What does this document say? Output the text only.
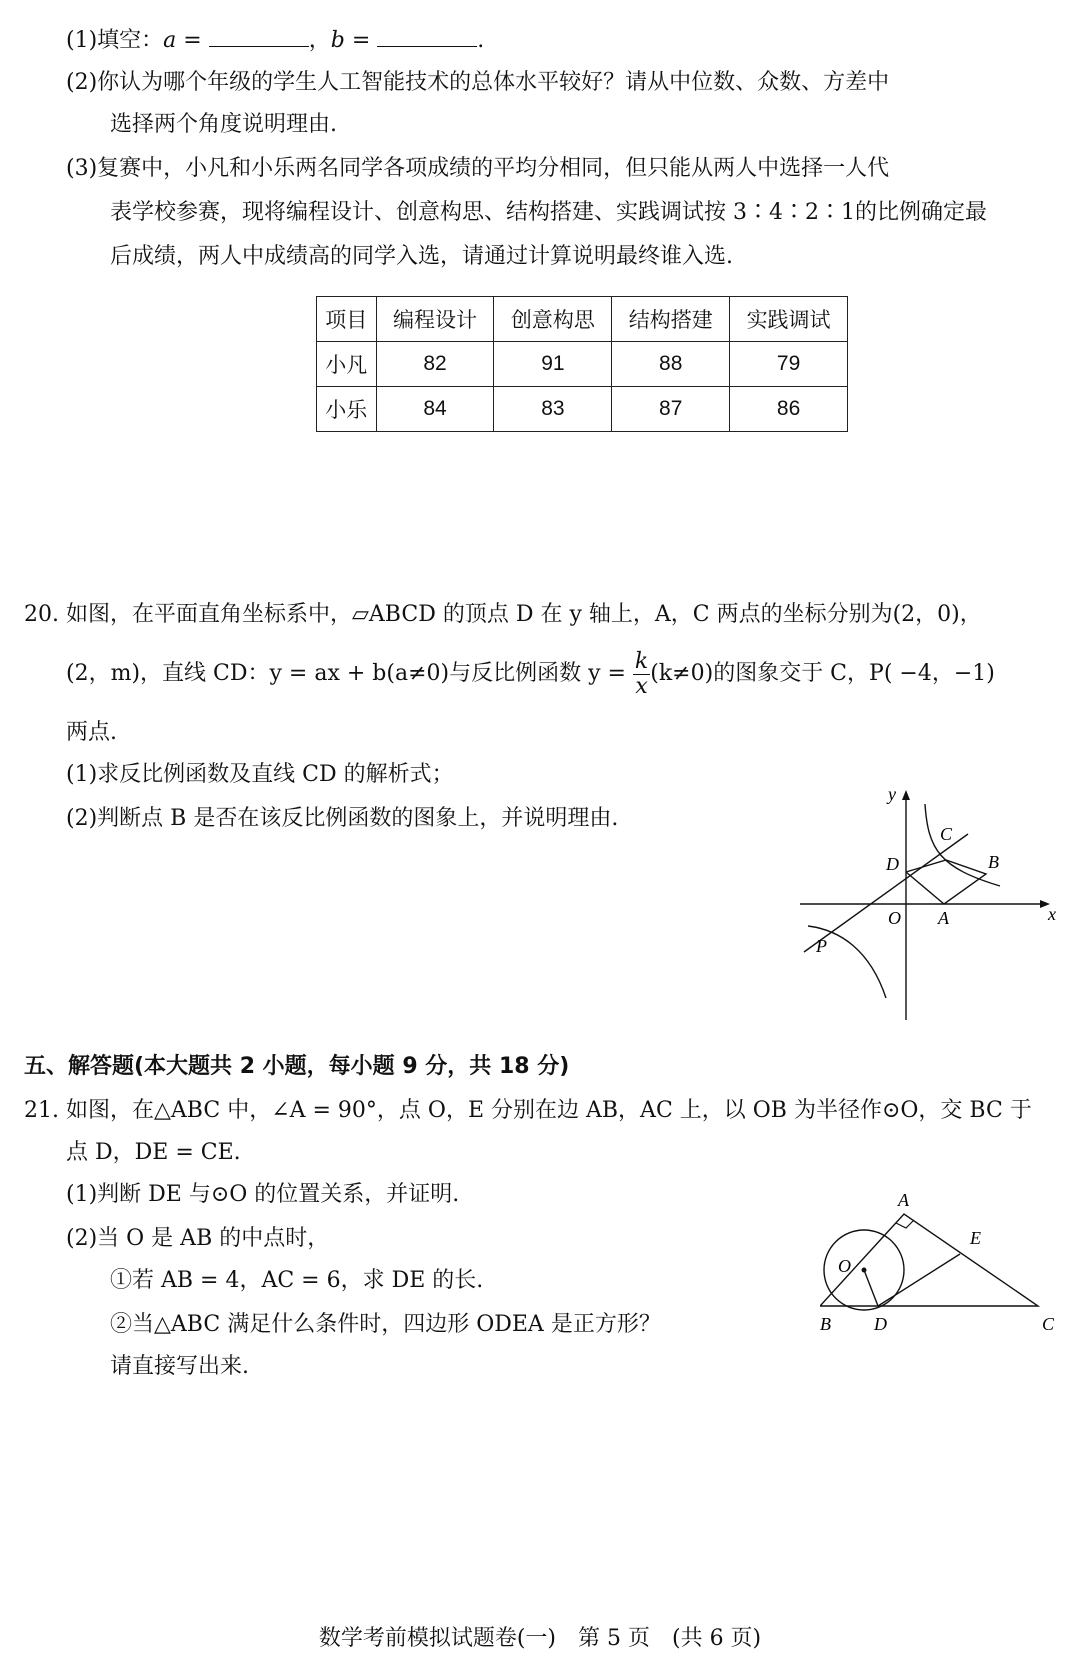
(1)填空：a =	，b =	.
(2)你认为哪个年级的学生人工智能技术的总体水平较好？请从中位数、众数、方差中
选择两个角度说明理由.
(3)复赛中，小凡和小乐两名同学各项成绩的平均分相同，但只能从两人中选择一人代
表学校参赛，现将编程设计、创意构思、结构搭建、实践调试按 3∶4∶2∶1的比例确定最
后成绩，两人中成绩高的同学入选，请通过计算说明最终谁入选.
项目	编程设计	创意构思	结构搭建	实践调试
小凡	82	91	88	79
小乐	84	83	87	86
20. 如图，在平面直角坐标系中，▱ABCD 的顶点 D 在 y 轴上，A，C 两点的坐标分别为(2，0)，
(2，m)，直线 CD：y = ax + b(a≠0)与反比例函数 $y = \frac{k}{x} (k\ne 0)$的图象交于 C，P( −4，−1)
两点.
(1)求反比例函数及直线 CD 的解析式；
(2)判断点 B 是否在该反比例函数的图象上，并说明理由.
y
x
C
D	B
O A
P
五、解答题(本大题共 2 小题，每小题 9 分，共 18 分)
21. 如图，在△ABC 中，∠A = 90°，点 O，E 分别在边 AB，AC 上，以 OB 为半径作⊙O，交 BC 于
点 D，DE = CE.
(1)判断 DE 与⊙O 的位置关系，并证明.
(2)当 O 是 AB 的中点时，
①若 AB = 4，AC = 6，求 DE 的长.
②当△ABC 满足什么条件时，四边形 ODEA 是正方形？
请直接写出来.
A
E
O
B D	C
数学考前模拟试题卷(一)　第 5 页　(共 6 页)
